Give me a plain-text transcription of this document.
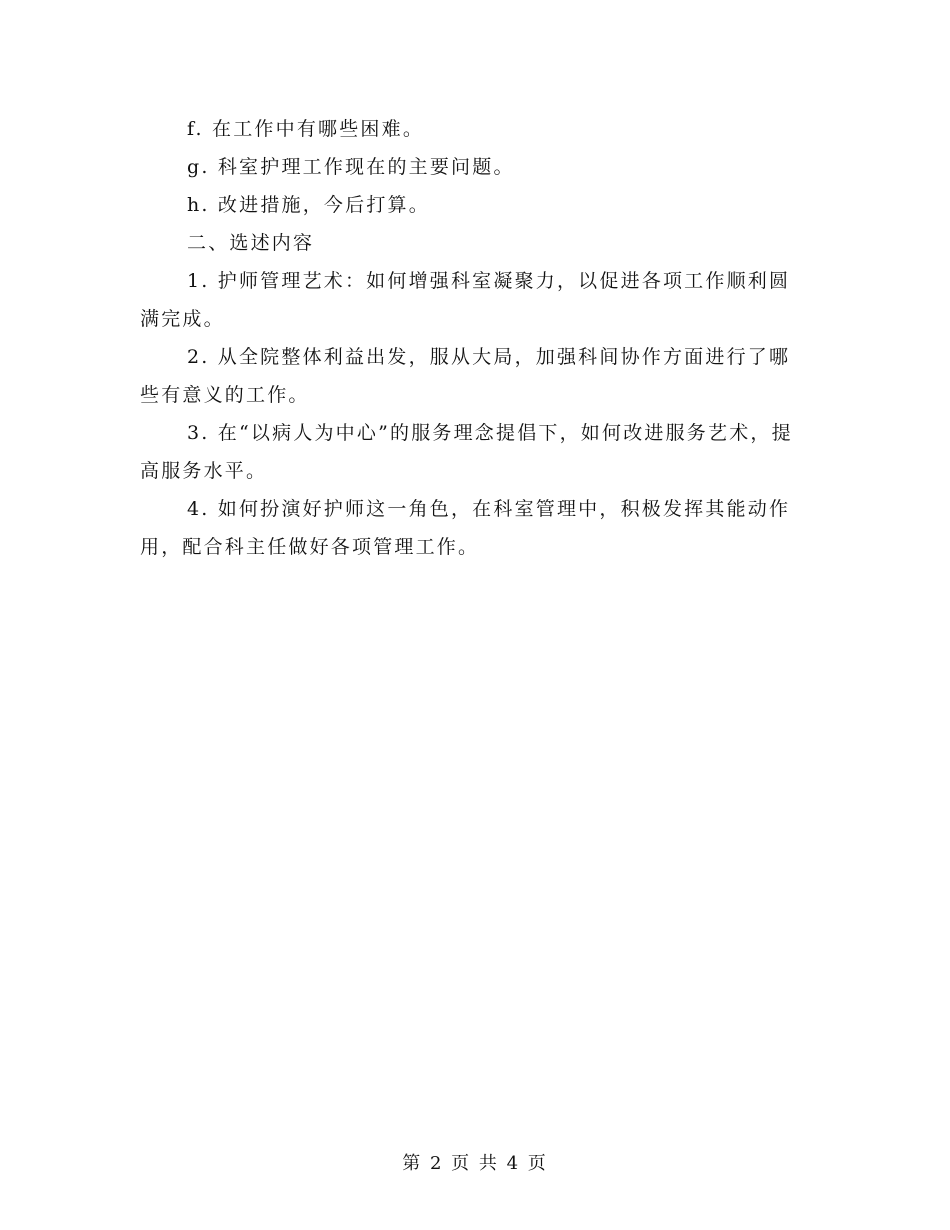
f. 在工作中有哪些困难。

g. 科室护理工作现在的主要问题。

h. 改进措施，今后打算。

二、选述内容

1. 护师管理艺术：如何增强科室凝聚力，以促进各项工作顺利圆满完成。

2. 从全院整体利益出发，服从大局，加强科间协作方面进行了哪些有意义的工作。

3. 在“以病人为中心”的服务理念提倡下，如何改进服务艺术，提高服务水平。

4. 如何扮演好护师这一角色，在科室管理中，积极发挥其能动作用，配合科主任做好各项管理工作。

第 2 页 共 4 页
